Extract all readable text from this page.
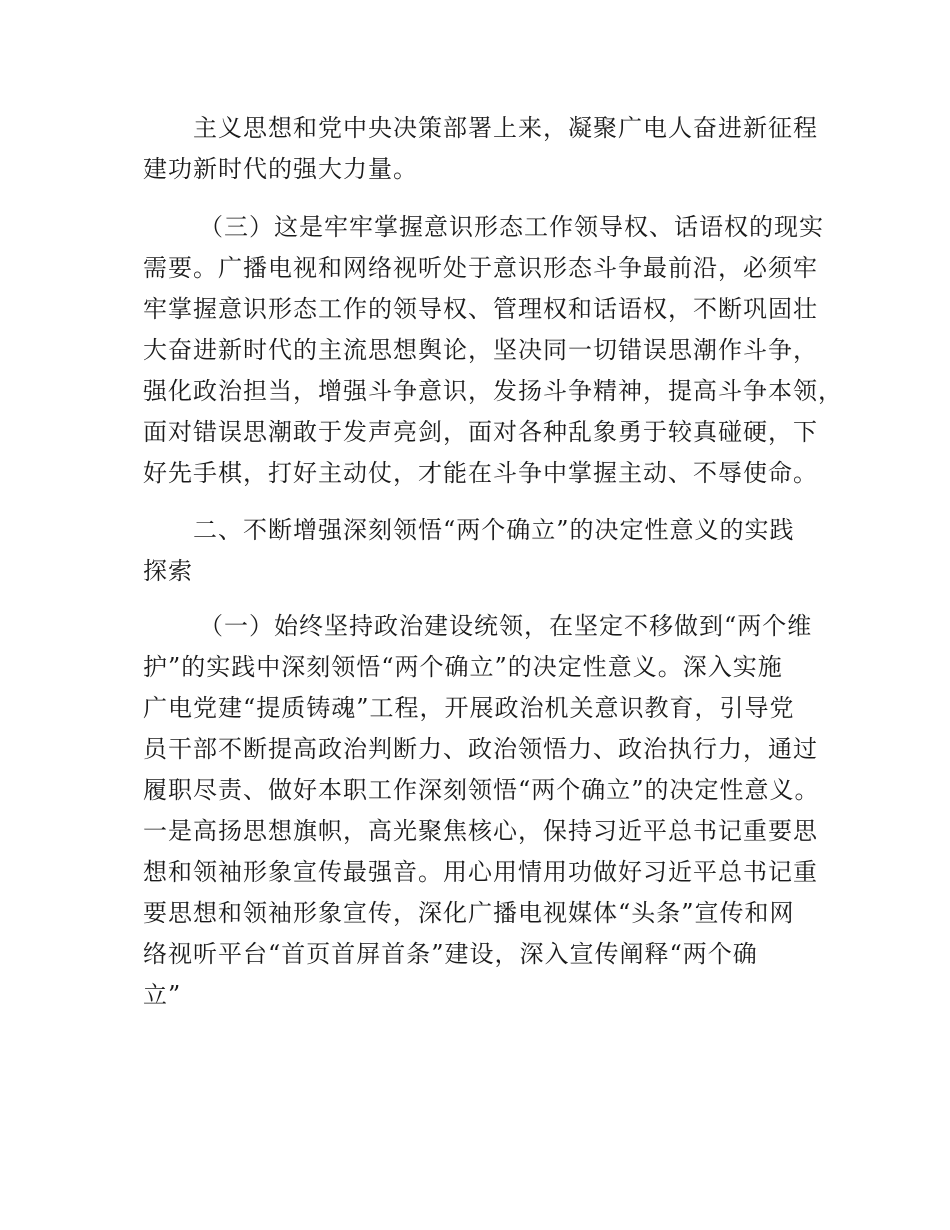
主义思想和党中央决策部署上来，凝聚广电人奋进新征程
建功新时代的强大力量。
（三）这是牢牢掌握意识形态工作领导权、话语权的现实
需要。广播电视和网络视听处于意识形态斗争最前沿，必须牢
牢掌握意识形态工作的领导权、管理权和话语权，不断巩固壮
大奋进新时代的主流思想舆论，坚决同一切错误思潮作斗争，
强化政治担当，增强斗争意识，发扬斗争精神，提高斗争本领，
面对错误思潮敢于发声亮剑，面对各种乱象勇于较真碰硬，下
好先手棋，打好主动仗，才能在斗争中掌握主动、不辱使命。
二、不断增强深刻领悟“两个确立”的决定性意义的实践
探索
（一）始终坚持政治建设统领，在坚定不移做到“两个维
护”的实践中深刻领悟“两个确立”的决定性意义。深入实施
广电党建“提质铸魂”工程，开展政治机关意识教育，引导党
员干部不断提高政治判断力、政治领悟力、政治执行力，通过
履职尽责、做好本职工作深刻领悟“两个确立”的决定性意义。
一是高扬思想旗帜，高光聚焦核心，保持习近平总书记重要思
想和领袖形象宣传最强音。用心用情用功做好习近平总书记重
要思想和领袖形象宣传，深化广播电视媒体“头条”宣传和网
络视听平台“首页首屏首条”建设，深入宣传阐释“两个确
立”
